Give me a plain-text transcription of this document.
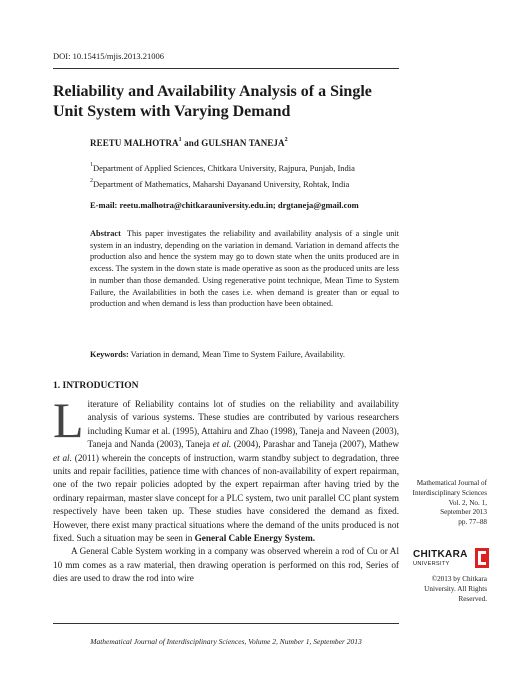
DOI: 10.15415/mjis.2013.21006
Reliability and Availability Analysis of a Single Unit System with Varying Demand
REETU MALHOTRA$^1$ and GULSHAN TANEJA$^2$
$^1$Department of Applied Sciences, Chitkara University, Rajpura, Punjab, India
$^2$Department of Mathematics, Maharshi Dayanand University, Rohtak, India
E-mail: reetu.malhotra@chitkarauniversity.edu.in; drgtaneja@gmail.com
Abstract This paper investigates the reliability and availability analysis of a single unit system in an industry, depending on the variation in demand. Variation in demand affects the production also and hence the system may go to down state when the units produced are in excess. The system in the down state is made operative as soon as the produced units are less in number than those demanded. Using regenerative point technique, Mean Time to System Failure, the Availabilities in both the cases i.e. when demand is greater than or equal to production and when demand is less than production have been obtained.
Keywords: Variation in demand, Mean Time to System Failure, Availability.
1. INTRODUCTION

Literature of Reliability contains lot of studies on the reliability and availability analysis of various systems. These studies are contributed by various researchers including Kumar et al. (1995), Attahiru and Zhao (1998), Taneja and Naveen (2003), Taneja and Nanda (2003), Taneja et al. (2004), Parashar and Taneja (2007), Mathew et al. (2011) wherein the concepts of instruction, warm standby subject to degradation, three units and repair facilities, patience time with chances of non-availability of expert repairman, one of the two repair policies adopted by the expert repairman after having tried by the ordinary repairman, master slave concept for a PLC system, two unit parallel CC plant system respectively have been taken up. These studies have considered the demand as fixed. However, there exist many practical situations where the demand of the units produced is not fixed. Such a situation may be seen in General Cable Energy System.

A General Cable System working in a company was observed wherein a rod of Cu or Al 10 mm comes as a raw material, then drawing operation is performed on this rod, Series of dies are used to draw the rod into wire

Mathematical Journal of
Interdisciplinary Sciences
Vol. 2, No. 1,
September 2013
pp. 77–88
CHITKARA
UNIVERSITY
©2013 by Chitkara
University. All Rights
Reserved.
Mathematical Journal of Interdisciplinary Sciences, Volume 2, Number 1, September 2013
